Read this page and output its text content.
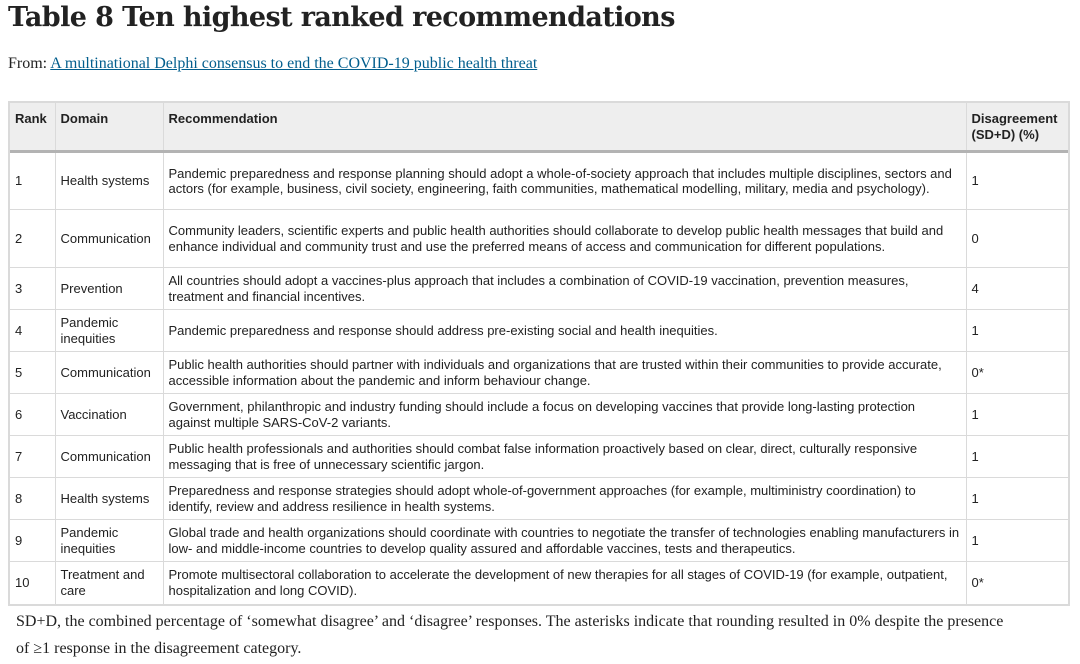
Table 8 Ten highest ranked recommendations
From: A multinational Delphi consensus to end the COVID-19 public health threat
Rank	Domain	Recommendation	Disagreement (SD+D) (%)
1	Health systems	Pandemic preparedness and response planning should adopt a whole-of-society approach that includes multiple disciplines, sectors and actors (for example, business, civil society, engineering, faith communities, mathematical modelling, military, media and psychology).	1
2	Communication	Community leaders, scientific experts and public health authorities should collaborate to develop public health messages that build and enhance individual and community trust and use the preferred means of access and communication for different populations.	0
3	Prevention	All countries should adopt a vaccines-plus approach that includes a combination of COVID-19 vaccination, prevention measures, treatment and financial incentives.	4
4	Pandemic inequities	Pandemic preparedness and response should address pre-existing social and health inequities.	1
5	Communication	Public health authorities should partner with individuals and organizations that are trusted within their communities to provide accurate, accessible information about the pandemic and inform behaviour change.	0*
6	Vaccination	Government, philanthropic and industry funding should include a focus on developing vaccines that provide long-lasting protection against multiple SARS-CoV-2 variants.	1
7	Communication	Public health professionals and authorities should combat false information proactively based on clear, direct, culturally responsive messaging that is free of unnecessary scientific jargon.	1
8	Health systems	Preparedness and response strategies should adopt whole-of-government approaches (for example, multiministry coordination) to identify, review and address resilience in health systems.	1
9	Pandemic inequities	Global trade and health organizations should coordinate with countries to negotiate the transfer of technologies enabling manufacturers in low- and middle-income countries to develop quality assured and affordable vaccines, tests and therapeutics.	1
10	Treatment and care	Promote multisectoral collaboration to accelerate the development of new therapies for all stages of COVID-19 (for example, outpatient, hospitalization and long COVID).	0*
SD+D, the combined percentage of ‘somewhat disagree’ and ‘disagree’ responses. The asterisks indicate that rounding resulted in 0% despite the presence of ≥1 response in the disagreement category.
